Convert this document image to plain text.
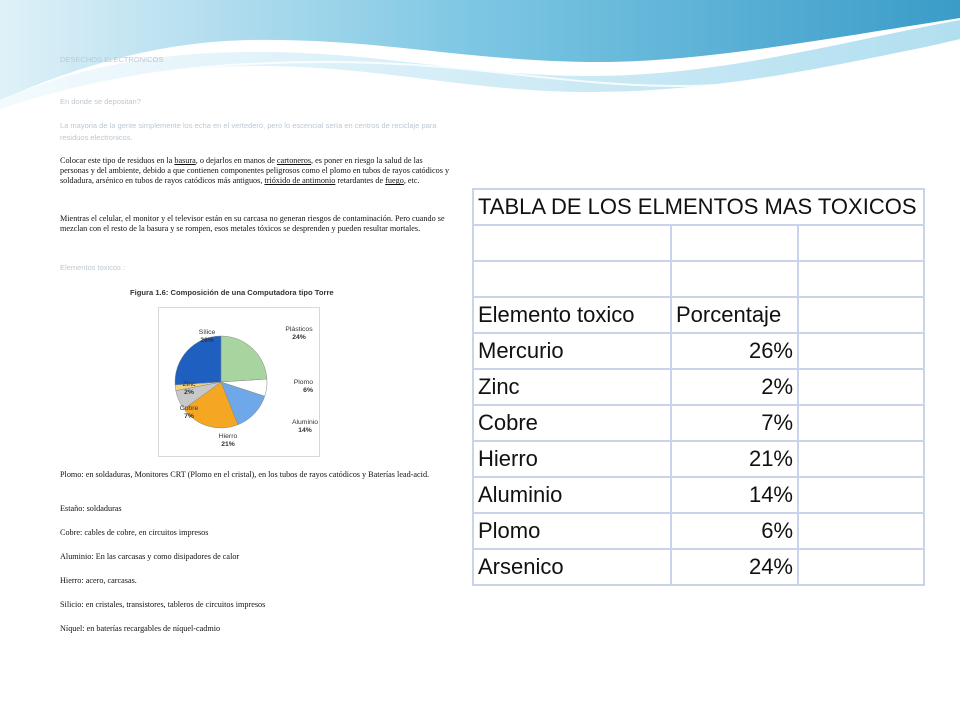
DESECHOS ELECTRONICOS
En donde se depositan?
La mayoria de la gente simplemente los echa en el vertedero, pero lo escencial sería en centros de reciclaje para residuos electronicos.
Colocar este tipo de residuos en la basura, o dejarlos en manos de cartoneros, es poner en riesgo la salud de las personas y del ambiente, debido a que contienen componentes peligrosos como el plomo en tubos de rayos catódicos y soldadura, arsénico en tubos de rayos catódicos más antiguos, trióxido de antimonio retardantes de fuego, etc.
Mientras el celular, el monitor y el televisor están en su carcasa no generan riesgos de contaminación. Pero cuando se mezclan con el resto de la basura y se rompen, esos metales tóxicos se desprenden y pueden resultar mortales.
Elementos toxicos :
Figura 1.6: Composición de una Computadora tipo Torre
Plásticos
24%
Plomo
6%
Aluminio
14%
Hierro
21%
Cobre
7%
Zinc
2%
Sílice
26%
Plomo: en soldaduras, Monitores CRT (Plomo en el cristal), en los tubos de rayos catódicos y Baterías lead-acid.
Estaño: soldaduras
Cobre: cables de cobre, en circuitos impresos
Aluminio: En las carcasas y como disipadores de calor
Hierro: acero, carcasas.
Silicio: en cristales, transistores, tableros de circuitos impresos
Níquel: en baterías recargables de níquel-cadmio
TABLA DE LOS ELMENTOS MAS TOXICOS		

Elemento toxico	Porcentaje	
Mercurio	26%	
Zinc	2%	
Cobre	7%	
Hierro	21%	
Aluminio	14%	
Plomo	6%	
Arsenico	24%	
